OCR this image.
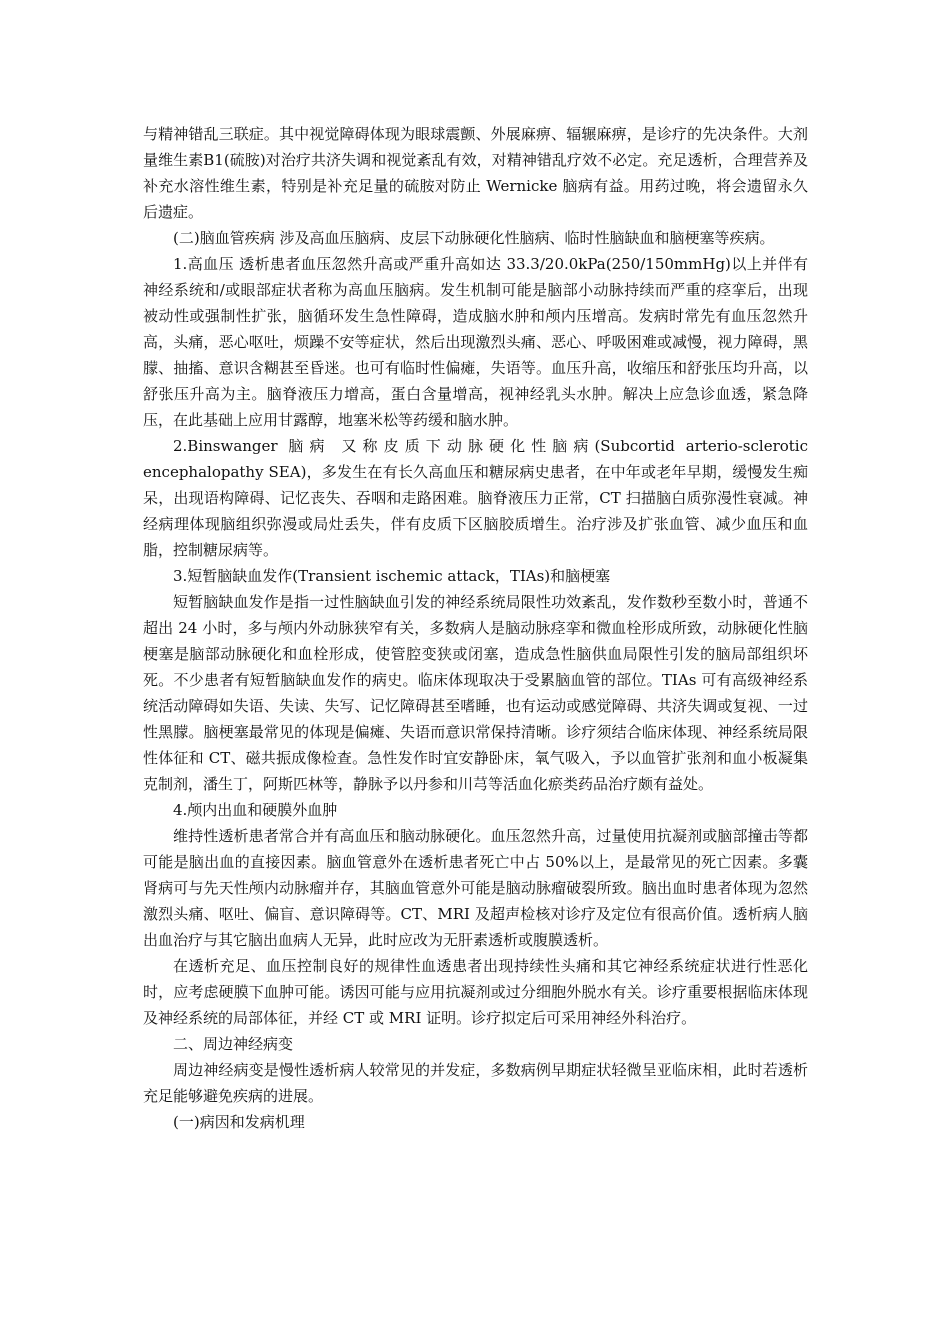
与精神错乱三联症。其中视觉障碍体现为眼球震颤、外展麻痹、辐辗麻痹，是诊疗的先决条件。大剂量维生素B1(硫胺)对治疗共济失调和视觉紊乱有效，对精神错乱疗效不必定。充足透析，合理营养及补充水溶性维生素，特别是补充足量的硫胺对防止 Wernicke 脑病有益。用药过晚，将会遗留永久后遗症。

(二)脑血管疾病 涉及高血压脑病、皮层下动脉硬化性脑病、临时性脑缺血和脑梗塞等疾病。

1.高血压 透析患者血压忽然升高或严重升高如达 33.3/20.0kPa(250/150mmHg)以上并伴有神经系统和/或眼部症状者称为高血压脑病。发生机制可能是脑部小动脉持续而严重的痉挛后，出现被动性或强制性扩张，脑循环发生急性障碍，造成脑水肿和颅内压增高。发病时常先有血压忽然升高，头痛，恶心呕吐，烦躁不安等症状，然后出现激烈头痛、恶心、呼吸困难或减慢，视力障碍，黑朦、抽搐、意识含糊甚至昏迷。也可有临时性偏瘫，失语等。血压升高，收缩压和舒张压均升高，以舒张压升高为主。脑脊液压力增高，蛋白含量增高，视神经乳头水肿。解决上应急诊血透，紧急降压，在此基础上应用甘露醇，地塞米松等药缓和脑水肿。

2.Binswanger 脑病 又称皮质下动脉硬化性脑病(Subcortid arterio-sclerotic encephalopathy SEA)，多发生在有长久高血压和糖尿病史患者，在中年或老年早期，缓慢发生痴呆，出现语构障碍、记忆丧失、吞咽和走路困难。脑脊液压力正常，CT 扫描脑白质弥漫性衰减。神经病理体现脑组织弥漫或局灶丢失，伴有皮质下区脑胶质增生。治疗涉及扩张血管、减少血压和血脂，控制糖尿病等。

3.短暂脑缺血发作(Transient ischemic attack，TIAs)和脑梗塞

短暂脑缺血发作是指一过性脑缺血引发的神经系统局限性功效紊乱，发作数秒至数小时，普通不超出 24 小时，多与颅内外动脉狭窄有关，多数病人是脑动脉痉挛和微血栓形成所致，动脉硬化性脑梗塞是脑部动脉硬化和血栓形成，使管腔变狭或闭塞，造成急性脑供血局限性引发的脑局部组织坏死。不少患者有短暂脑缺血发作的病史。临床体现取决于受累脑血管的部位。TIAs 可有高级神经系统活动障碍如失语、失读、失写、记忆障碍甚至嗜睡，也有运动或感觉障碍、共济失调或复视、一过性黑朦。脑梗塞最常见的体现是偏瘫、失语而意识常保持清晰。诊疗须结合临床体现、神经系统局限性体征和 CT、磁共振成像检查。急性发作时宜安静卧床，氧气吸入，予以血管扩张剂和血小板凝集克制剂，潘生丁，阿斯匹林等，静脉予以丹参和川芎等活血化瘀类药品治疗颇有益处。

4.颅内出血和硬膜外血肿

维持性透析患者常合并有高血压和脑动脉硬化。血压忽然升高，过量使用抗凝剂或脑部撞击等都可能是脑出血的直接因素。脑血管意外在透析患者死亡中占 50%以上，是最常见的死亡因素。多囊肾病可与先天性颅内动脉瘤并存，其脑血管意外可能是脑动脉瘤破裂所致。脑出血时患者体现为忽然激烈头痛、呕吐、偏盲、意识障碍等。CT、MRI 及超声检核对诊疗及定位有很高价值。透析病人脑出血治疗与其它脑出血病人无异，此时应改为无肝素透析或腹膜透析。

在透析充足、血压控制良好的规律性血透患者出现持续性头痛和其它神经系统症状进行性恶化时，应考虑硬膜下血肿可能。诱因可能与应用抗凝剂或过分细胞外脱水有关。诊疗重要根据临床体现及神经系统的局部体征，并经 CT 或 MRI 证明。诊疗拟定后可采用神经外科治疗。

二、周边神经病变

周边神经病变是慢性透析病人较常见的并发症，多数病例早期症状轻微呈亚临床相，此时若透析充足能够避免疾病的进展。

(一)病因和发病机理
